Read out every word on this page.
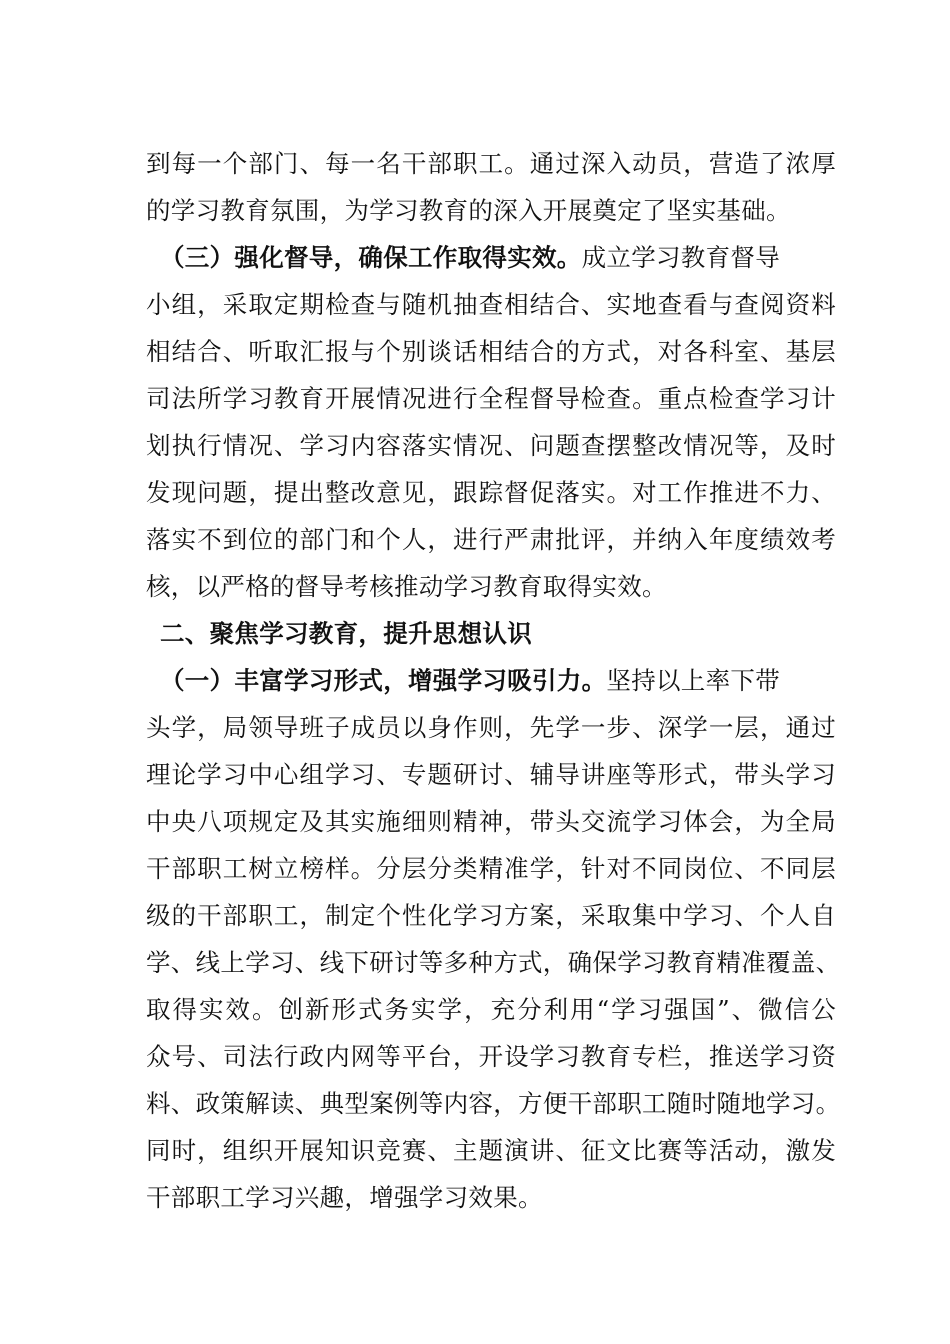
到每一个部门、每一名干部职工。通过深入动员，营造了浓厚
的学习教育氛围，为学习教育的深入开展奠定了坚实基础。
（三）强化督导，确保工作取得实效。成立学习教育督导
小组，采取定期检查与随机抽查相结合、实地查看与查阅资料
相结合、听取汇报与个别谈话相结合的方式，对各科室、基层
司法所学习教育开展情况进行全程督导检查。重点检查学习计
划执行情况、学习内容落实情况、问题查摆整改情况等，及时
发现问题，提出整改意见，跟踪督促落实。对工作推进不力、
落实不到位的部门和个人，进行严肃批评，并纳入年度绩效考
核，以严格的督导考核推动学习教育取得实效。
二、聚焦学习教育，提升思想认识
（一）丰富学习形式，增强学习吸引力。坚持以上率下带
头学，局领导班子成员以身作则，先学一步、深学一层，通过
理论学习中心组学习、专题研讨、辅导讲座等形式，带头学习
中央八项规定及其实施细则精神，带头交流学习体会，为全局
干部职工树立榜样。分层分类精准学，针对不同岗位、不同层
级的干部职工，制定个性化学习方案，采取集中学习、个人自
学、线上学习、线下研讨等多种方式，确保学习教育精准覆盖、
取得实效。创新形式务实学，充分利用“学习强国”、微信公
众号、司法行政内网等平台，开设学习教育专栏，推送学习资
料、政策解读、典型案例等内容，方便干部职工随时随地学习。
同时，组织开展知识竞赛、主题演讲、征文比赛等活动，激发
干部职工学习兴趣，增强学习效果。
